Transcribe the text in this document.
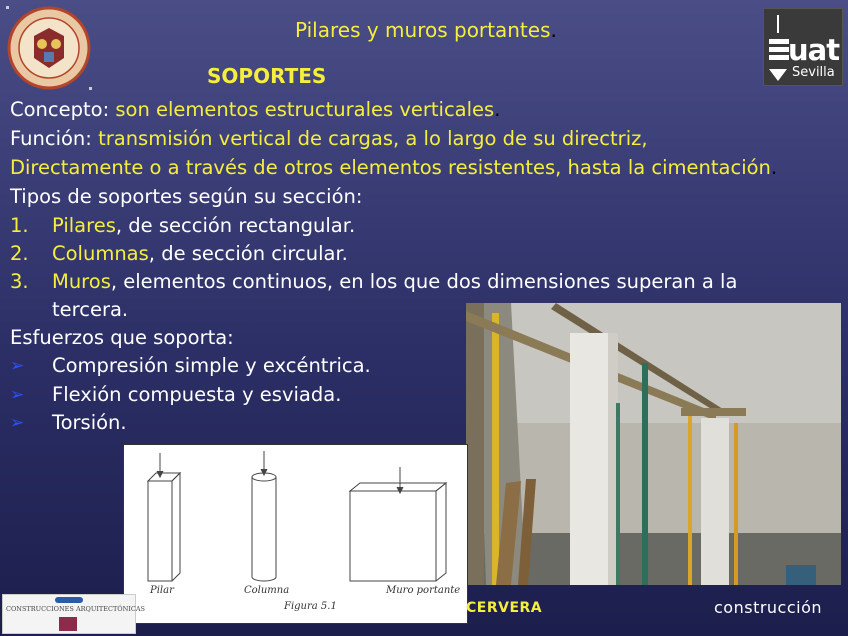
Pilares y muros portantes.
SOPORTES
uat
Sevilla
Concepto: son elementos estructurales verticales.
Función: transmisión vertical de cargas, a lo largo de su directriz,
Directamente o a través de otros elementos resistentes, hasta la cimentación.
Tipos de soportes según su sección:
1. Pilares, de sección rectangular.
2. Columnas, de sección circular.
3. Muros, elementos continuos, en los que dos dimensiones superan a la
tercera.
Esfuerzos que soporta:
➢ Compresión simple y excéntrica.
➢ Flexión compuesta y esviada.
➢ Torsión.
Pilar	Columna	Muro portante
Figura 5.1
CONSTRUCCIONES ARQUITECTÓNICAS	CERVERA	construcción
